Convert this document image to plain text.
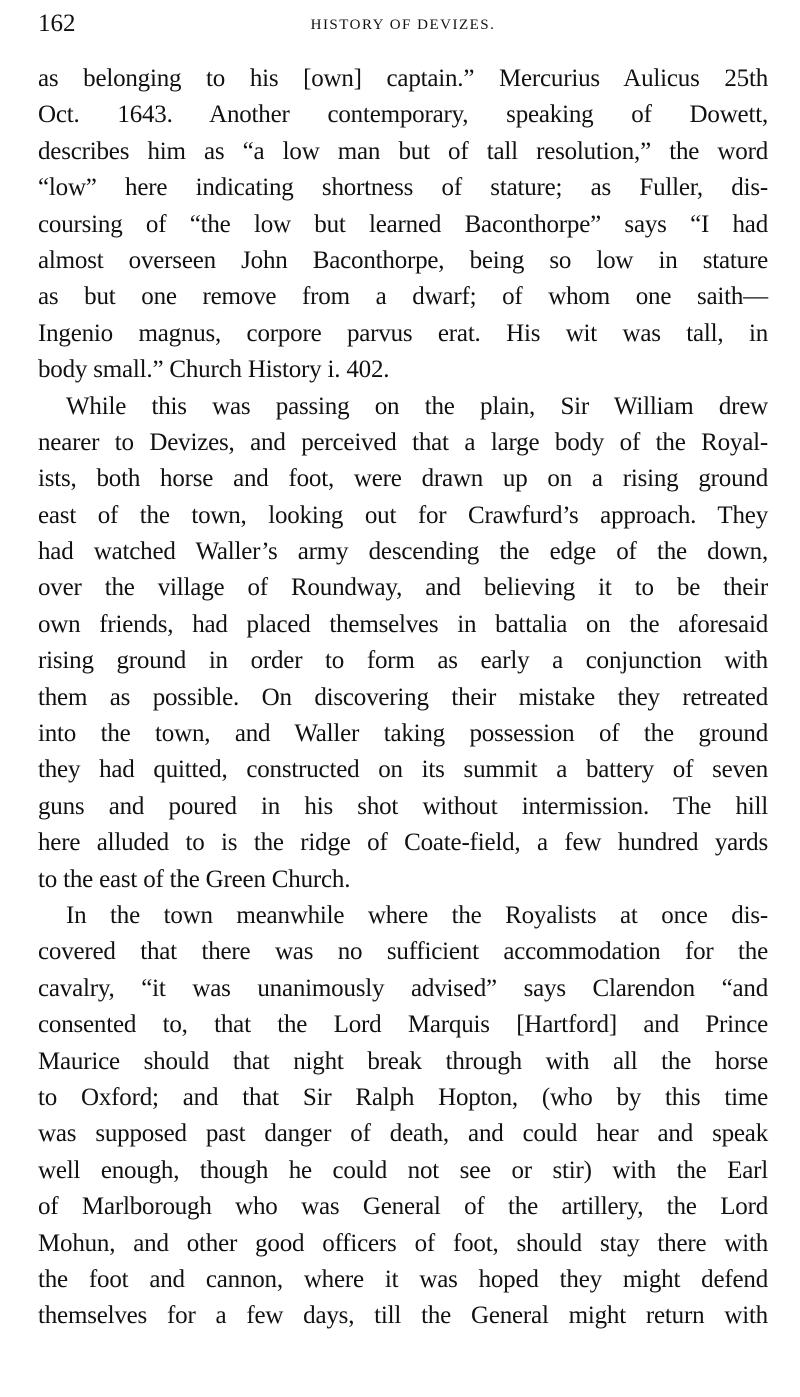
162	HISTORY OF DEVIZES.
as belonging to his [own] captain.” Mercurius Aulicus 25th
Oct. 1643. Another contemporary, speaking of Dowett,
describes him as “a low man but of tall resolution,” the word
“low” here indicating shortness of stature; as Fuller, dis-
coursing of “the low but learned Baconthorpe” says “I had
almost overseen John Baconthorpe, being so low in stature
as but one remove from a dwarf; of whom one saith—
Ingenio magnus, corpore parvus erat. His wit was tall, in
body small.” Church History i. 402.
While this was passing on the plain, Sir William drew
nearer to Devizes, and perceived that a large body of the Royal-
ists, both horse and foot, were drawn up on a rising ground
east of the town, looking out for Crawfurd’s approach. They
had watched Waller’s army descending the edge of the down,
over the village of Roundway, and believing it to be their
own friends, had placed themselves in battalia on the aforesaid
rising ground in order to form as early a conjunction with
them as possible. On discovering their mistake they retreated
into the town, and Waller taking possession of the ground
they had quitted, constructed on its summit a battery of seven
guns and poured in his shot without intermission. The hill
here alluded to is the ridge of Coate-field, a few hundred yards
to the east of the Green Church.
In the town meanwhile where the Royalists at once dis-
covered that there was no sufficient accommodation for the
cavalry, “it was unanimously advised” says Clarendon “and
consented to, that the Lord Marquis [Hartford] and Prince
Maurice should that night break through with all the horse
to Oxford; and that Sir Ralph Hopton, (who by this time
was supposed past danger of death, and could hear and speak
well enough, though he could not see or stir) with the Earl
of Marlborough who was General of the artillery, the Lord
Mohun, and other good officers of foot, should stay there with
the foot and cannon, where it was hoped they might defend
themselves for a few days, till the General might return with
